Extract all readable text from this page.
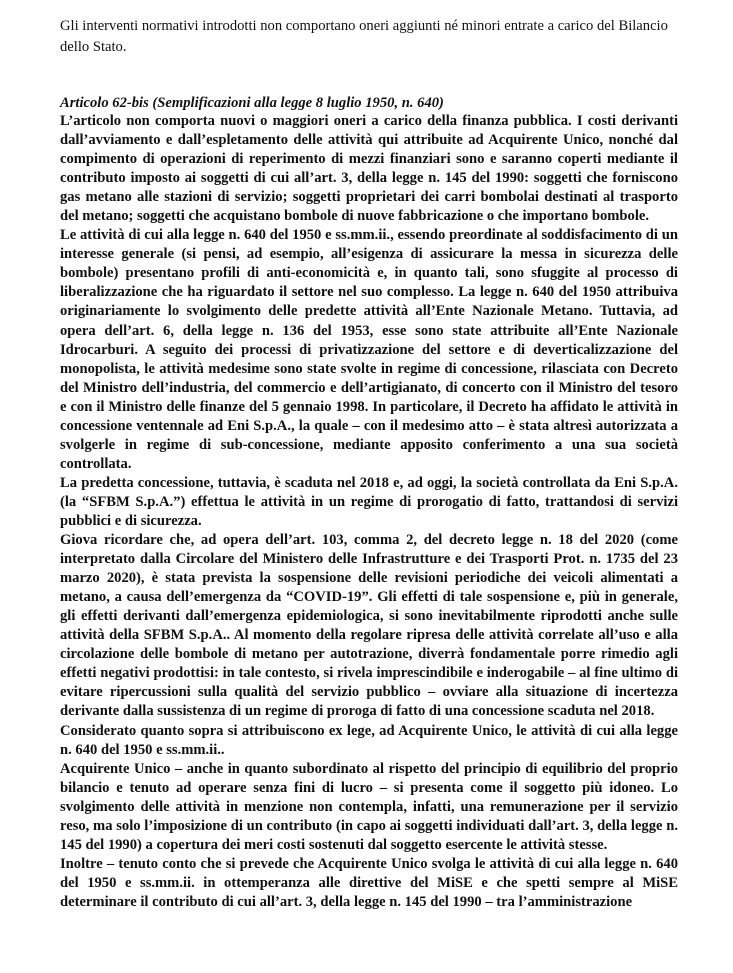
Gli interventi normativi introdotti non comportano oneri aggiunti né minori entrate a carico del Bilancio dello Stato.
Articolo 62-bis (Semplificazioni alla legge 8 luglio 1950, n. 640)

L’articolo non comporta nuovi o maggiori oneri a carico della finanza pubblica. I costi derivanti dall’avviamento e dall’espletamento delle attività qui attribuite ad Acquirente Unico, nonché dal compimento di operazioni di reperimento di mezzi finanziari sono e saranno coperti mediante il contributo imposto ai soggetti di cui all’art. 3, della legge n. 145 del 1990: soggetti che forniscono gas metano alle stazioni di servizio; soggetti proprietari dei carri bombolai destinati al trasporto del metano; soggetti che acquistano bombole di nuove fabbricazione o che importano bombole.

Le attività di cui alla legge n. 640 del 1950 e ss.mm.ii., essendo preordinate al soddisfacimento di un interesse generale (si pensi, ad esempio, all’esigenza di assicurare la messa in sicurezza delle bombole) presentano profili di anti-economicità e, in quanto tali, sono sfuggite al processo di liberalizzazione che ha riguardato il settore nel suo complesso. La legge n. 640 del 1950 attribuiva originariamente lo svolgimento delle predette attività all’Ente Nazionale Metano. Tuttavia, ad opera dell’art. 6, della legge n. 136 del 1953, esse sono state attribuite all’Ente Nazionale Idrocarburi. A seguito dei processi di privatizzazione del settore e di deverticalizzazione del monopolista, le attività medesime sono state svolte in regime di concessione, rilasciata con Decreto del Ministro dell’industria, del commercio e dell’artigianato, di concerto con il Ministro del tesoro e con il Ministro delle finanze del 5 gennaio 1998. In particolare, il Decreto ha affidato le attività in concessione ventennale ad Eni S.p.A., la quale – con il medesimo atto – è stata altresì autorizzata a svolgerle in regime di sub-concessione, mediante apposito conferimento a una sua società controllata.

La predetta concessione, tuttavia, è scaduta nel 2018 e, ad oggi, la società controllata da Eni S.p.A. (la “SFBM S.p.A.”) effettua le attività in un regime di prorogatio di fatto, trattandosi di servizi pubblici e di sicurezza.

Giova ricordare che, ad opera dell’art. 103, comma 2, del decreto legge n. 18 del 2020 (come interpretato dalla Circolare del Ministero delle Infrastrutture e dei Trasporti Prot. n. 1735 del 23 marzo 2020), è stata prevista la sospensione delle revisioni periodiche dei veicoli alimentati a metano, a causa dell’emergenza da “COVID-19”. Gli effetti di tale sospensione e, più in generale, gli effetti derivanti dall’emergenza epidemiologica, si sono inevitabilmente riprodotti anche sulle attività della SFBM S.p.A.. Al momento della regolare ripresa delle attività correlate all’uso e alla circolazione delle bombole di metano per autotrazione, diverrà fondamentale porre rimedio agli effetti negativi prodottisi: in tale contesto, si rivela imprescindibile e inderogabile – al fine ultimo di evitare ripercussioni sulla qualità del servizio pubblico – ovviare alla situazione di incertezza derivante dalla sussistenza di un regime di proroga di fatto di una concessione scaduta nel 2018.

Considerato quanto sopra si attribuiscono ex lege, ad Acquirente Unico, le attività di cui alla legge n. 640 del 1950 e ss.mm.ii..

Acquirente Unico – anche in quanto subordinato al rispetto del principio di equilibrio del proprio bilancio e tenuto ad operare senza fini di lucro – si presenta come il soggetto più idoneo. Lo svolgimento delle attività in menzione non contempla, infatti, una remunerazione per il servizio reso, ma solo l’imposizione di un contributo (in capo ai soggetti individuati dall’art. 3, della legge n. 145 del 1990) a copertura dei meri costi sostenuti dal soggetto esercente le attività stesse.

Inoltre – tenuto conto che si prevede che Acquirente Unico svolga le attività di cui alla legge n. 640 del 1950 e ss.mm.ii. in ottemperanza alle direttive del MiSE e che spetti sempre al MiSE determinare il contributo di cui all’art. 3, della legge n. 145 del 1990 – tra l’amministrazione
